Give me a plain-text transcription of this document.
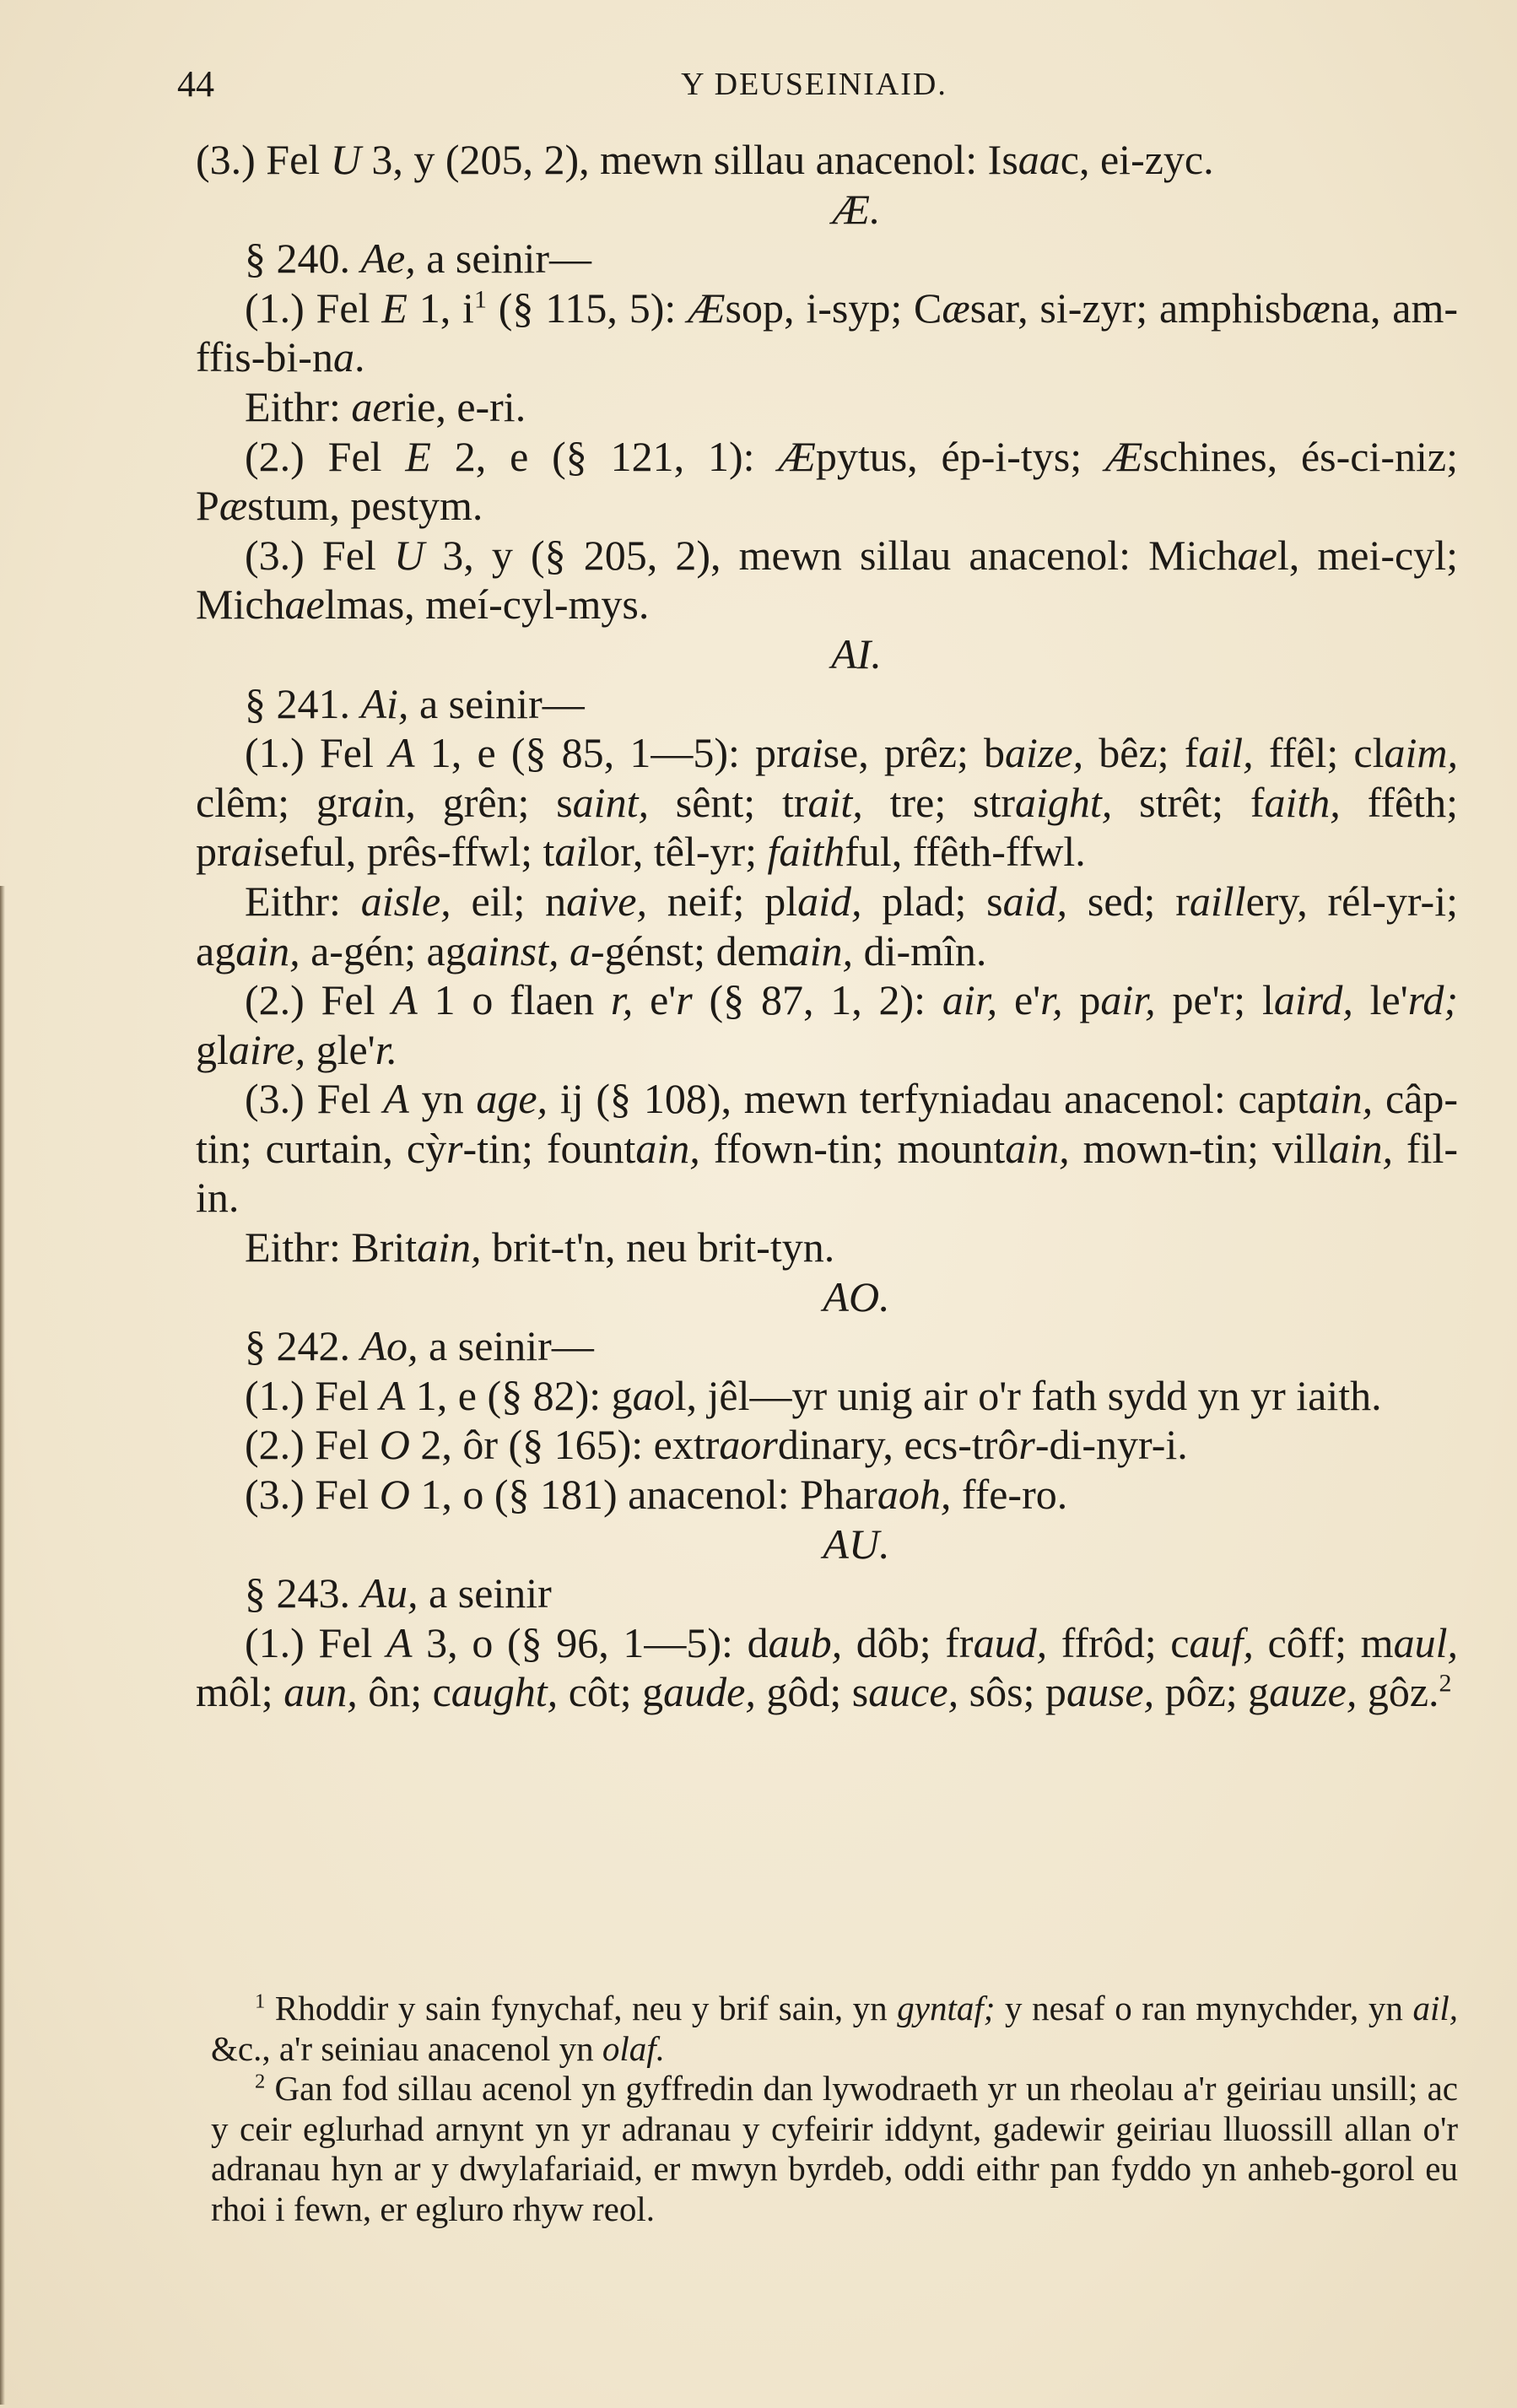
44	Y DEUSEINIAID.

(3.) Fel U 3, y (205, 2), mewn sillau anacenol: Isaac, ei-zyc.

Æ.

§ 240. Ae, a seinir—

(1.) Fel E 1, $i^1$ (§ 115, 5): Æsop, i-syp; Cæsar, si-zyr; amphisbæna, am-ffis-bi-na.

Eithr: aerie, e-ri.

(2.) Fel E 2, e (§ 121, 1): Æpytus, ép-i-tys; Æschines, és-ci-niz; Pæstum, pestym.

(3.) Fel U 3, y (§ 205, 2), mewn sillau anacenol: Michael, mei-cyl; Michaelmas, meí-cyl-mys.

AI.

§ 241. Ai, a seinir—

(1.) Fel A 1, e (§ 85, 1—5): praise, prêz; baize, bêz; fail, ffêl; claim, clêm; grain, grên; saint, sênt; trait, tre; straight, strêt; faith, ffêth; praiseful, prês-ffwl; tailor, têl-yr; faithful, ffêth-ffwl.

Eithr: aisle, eil; naive, neif; plaid, plad; said, sed; raillery, rél-yr-i; again, a-gén; against, a-génst; demain, di-mîn.

(2.) Fel A 1 o flaen r, e'r (§ 87, 1, 2): air, e'r, pair, pe'r; laird, le'rd; glaire, gle'r.

(3.) Fel A yn age, ij (§ 108), mewn terfyniadau anacenol: captain, câp-tin; curtain, cỳr-tin; fountain, ffown-tin; mountain, mown-tin; villain, fil-in.

Eithr: Britain, brit-t'n, neu brit-tyn.

AO.

§ 242. Ao, a seinir—

(1.) Fel A 1, e (§ 82): gaol, jêl—yr unig air o'r fath sydd yn yr iaith.

(2.) Fel O 2, ôr (§ 165): extraordinary, ecs-trôr-di-nyr-i.

(3.) Fel O 1, o (§ 181) anacenol: Pharaoh, ffe-ro.

AU.

§ 243. Au, a seinir

(1.) Fel A 3, o (§ 96, 1—5): daub, dôb; fraud, ffrôd; cauf, côff; maul, môl; aun, ôn; caught, côt; gaude, gôd; sauce, sôs; pause, pôz; gauze, gôz.$^2$

$^1$ Rhoddir y sain fynychaf, neu y brif sain, yn gyntaf; y nesaf o ran mynychder, yn ail, &c., a'r seiniau anacenol yn olaf.

$^2$ Gan fod sillau acenol yn gyffredin dan lywodraeth yr un rheolau a'r geiriau unsill; ac y ceir eglurhad arnynt yn yr adranau y cyfeirir iddynt, gadewir geiriau lluossill allan o'r adranau hyn ar y dwylafariaid, er mwyn byrdeb, oddi eithr pan fyddo yn anheb-gorol eu rhoi i fewn, er egluro rhyw reol.
